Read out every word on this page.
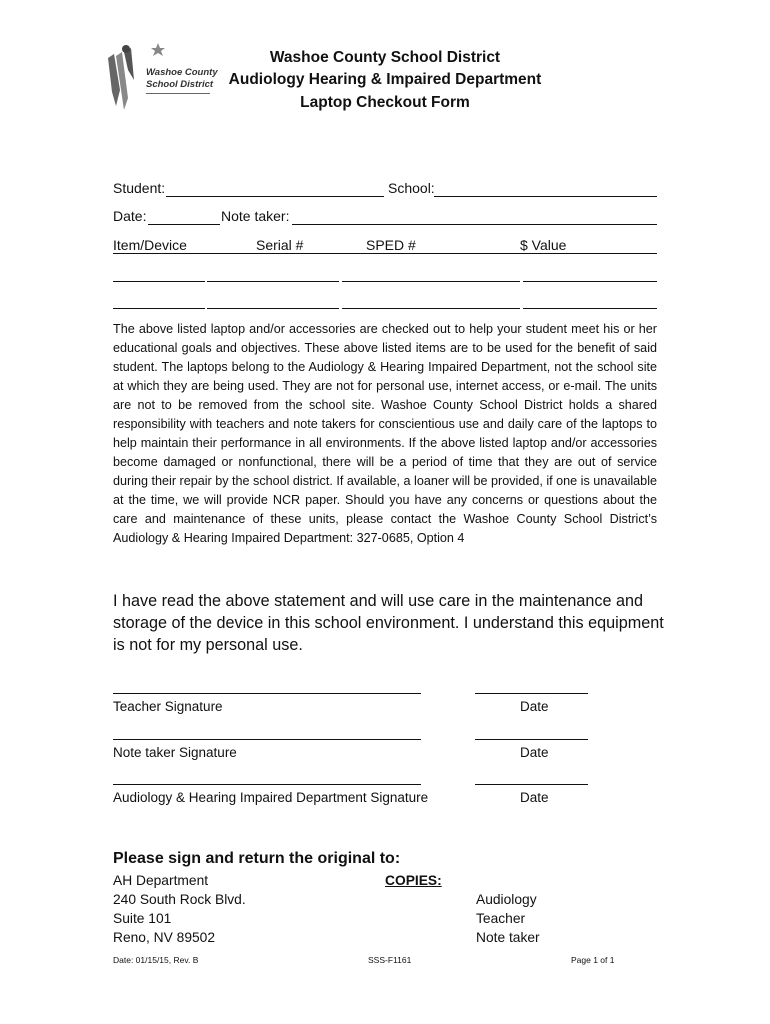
Washoe County
School District
Washoe County School District
Audiology Hearing & Impaired Department
Laptop Checkout Form
Student:	School:
Date:	Note taker:
Item/Device	Serial #	SPED #	$ Value
The above listed laptop and/or accessories are checked out to help your student meet his or her educational goals and objectives. These above listed items are to be used for the benefit of said student. The laptops belong to the Audiology & Hearing Impaired Department, not the school site at which they are being used. They are not for personal use, internet access, or e-mail. The units are not to be removed from the school site. Washoe County School District holds a shared responsibility with teachers and note takers for conscientious use and daily care of the laptops to help maintain their performance in all environments. If the above listed laptop and/or accessories become damaged or nonfunctional, there will be a period of time that they are out of service during their repair by the school district. If available, a loaner will be provided, if one is unavailable at the time, we will provide NCR paper. Should you have any concerns or questions about the care and maintenance of these units, please contact the Washoe County School District’s Audiology & Hearing Impaired Department: 327-0685, Option 4
I have read the above statement and will use care in the maintenance and storage of the device in this school environment. I understand this equipment is not for my personal use.
Teacher Signature	Date
Note taker Signature	Date
Audiology & Hearing Impaired Department Signature	Date
Please sign and return the original to:
AH Department
240 South Rock Blvd.
Suite 101
Reno, NV 89502
COPIES:
Audiology
Teacher
Note taker
Date: 01/15/15, Rev. B	SSS-F1161	Page 1 of 1
